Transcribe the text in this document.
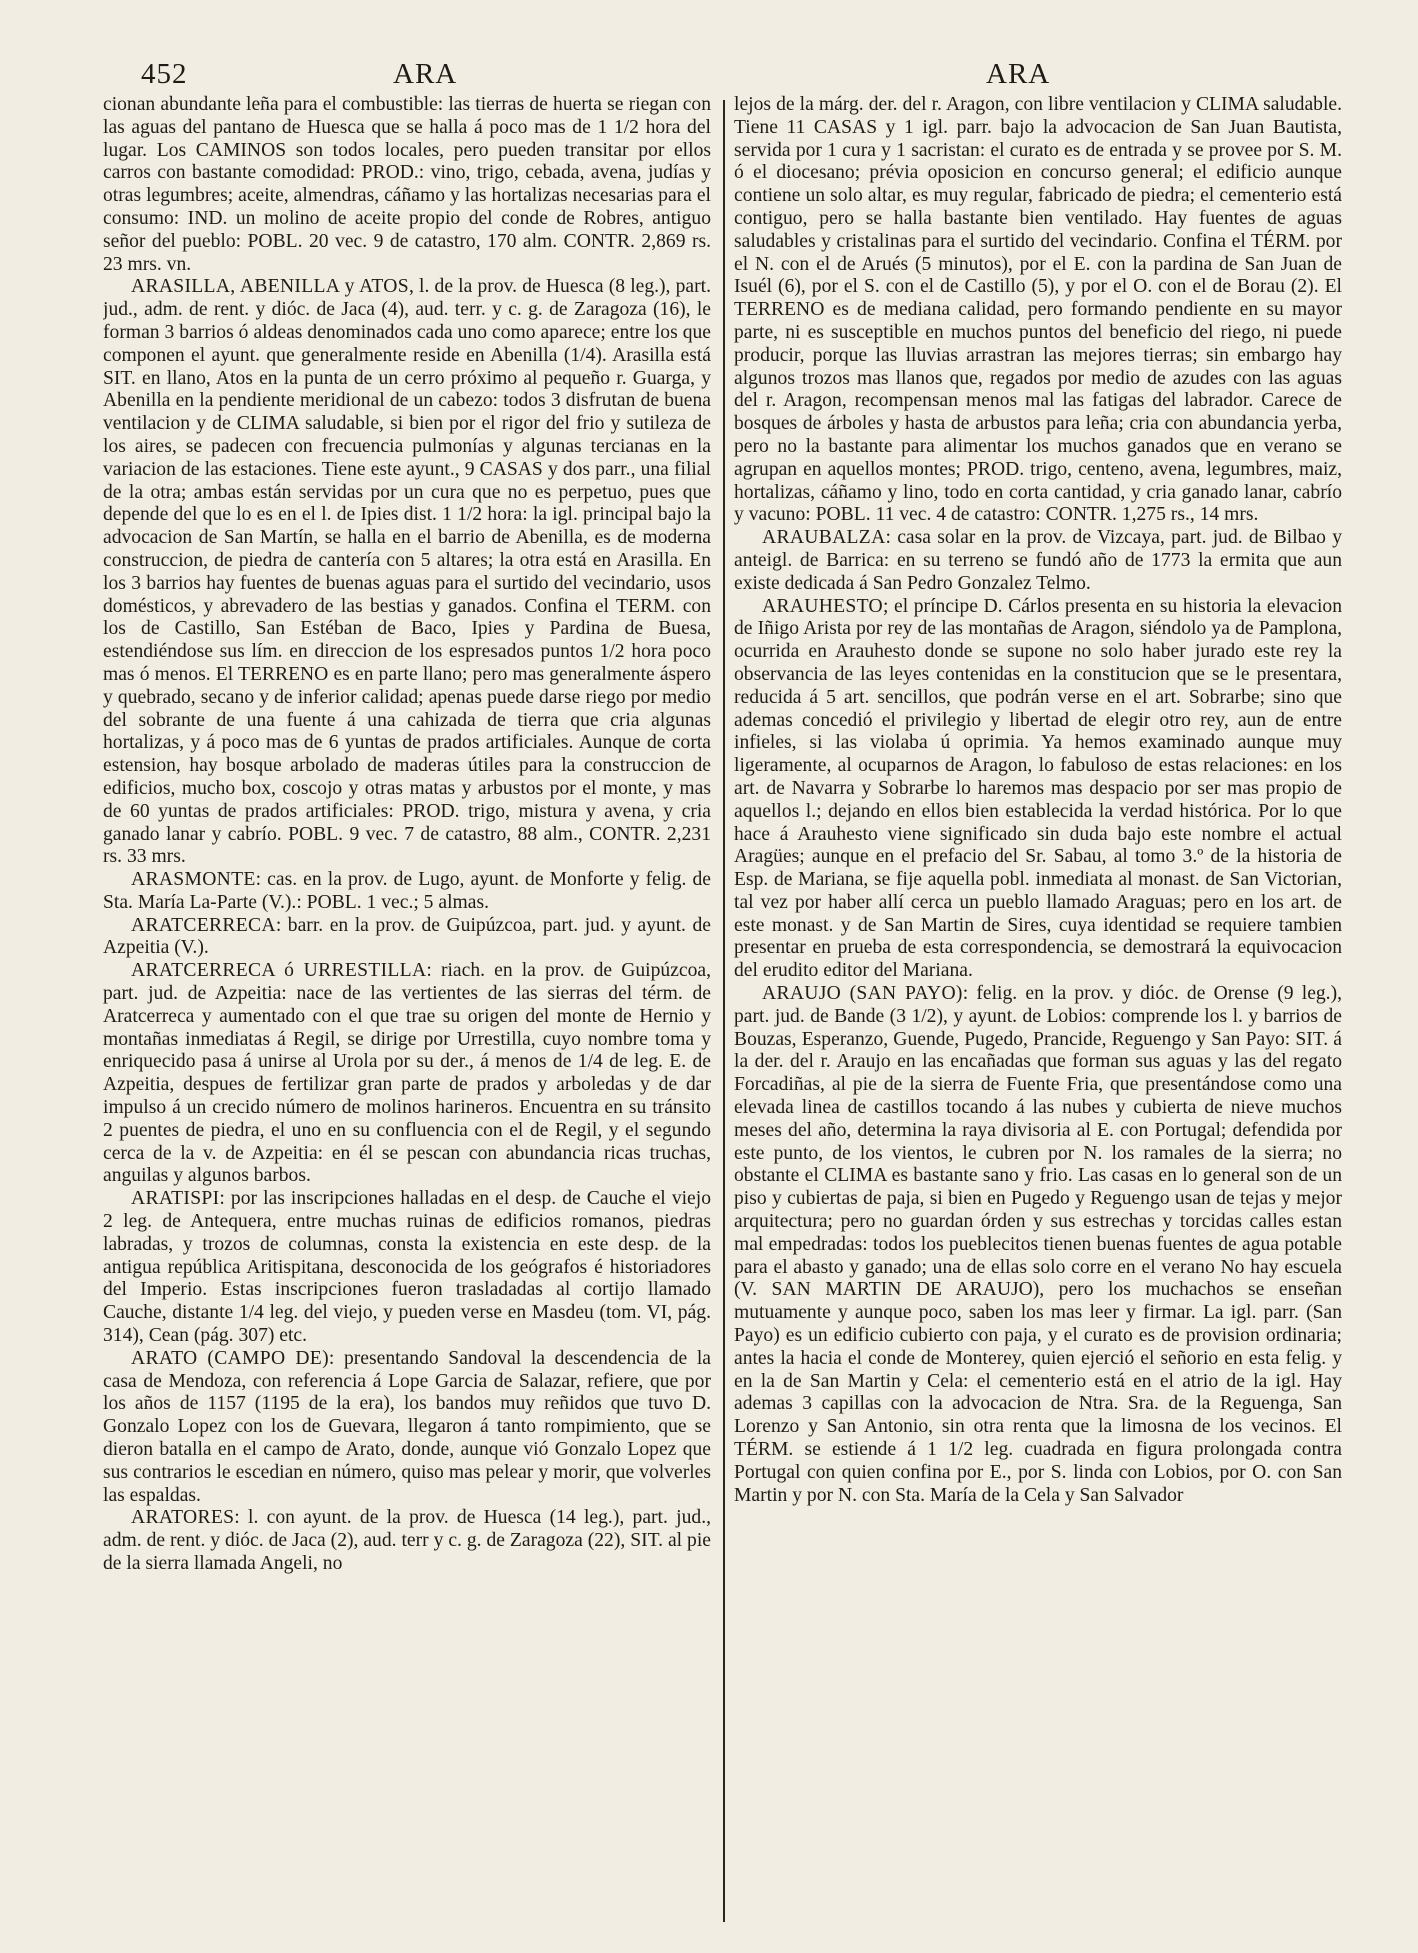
452	ARA	ARA

cionan abundante leña para el combustible: las tierras de huerta se riegan con las aguas del pantano de Huesca que se halla á poco mas de 1 1/2 hora del lugar. Los CAMINOS son todos locales, pero pueden transitar por ellos carros con bastante comodidad: PROD.: vino, trigo, cebada, avena, judías y otras legumbres; aceite, almendras, cáñamo y las hortalizas necesarias para el consumo: IND. un molino de aceite propio del conde de Robres, antiguo señor del pueblo: POBL. 20 vec. 9 de catastro, 170 alm. CONTR. 2,869 rs. 23 mrs. vn.

ARASILLA, ABENILLA y ATOS, l. de la prov. de Huesca (8 leg.), part. jud., adm. de rent. y dióc. de Jaca (4), aud. terr. y c. g. de Zaragoza (16), le forman 3 barrios ó aldeas denominados cada uno como aparece; entre los que componen el ayunt. que generalmente reside en Abenilla (1/4). Arasilla está SIT. en llano, Atos en la punta de un cerro próximo al pequeño r. Guarga, y Abenilla en la pendiente meridional de un cabezo: todos 3 disfrutan de buena ventilacion y de CLIMA saludable, si bien por el rigor del frio y sutileza de los aires, se padecen con frecuencia pulmonías y algunas tercianas en la variacion de las estaciones. Tiene este ayunt., 9 CASAS y dos parr., una filial de la otra; ambas están servidas por un cura que no es perpetuo, pues que depende del que lo es en el l. de Ipies dist. 1 1/2 hora: la igl. principal bajo la advocacion de San Martín, se halla en el barrio de Abenilla, es de moderna construccion, de piedra de cantería con 5 altares; la otra está en Arasilla. En los 3 barrios hay fuentes de buenas aguas para el surtido del vecindario, usos domésticos, y abrevadero de las bestias y ganados. Confina el TERM. con los de Castillo, San Estéban de Baco, Ipies y Pardina de Buesa, estendiéndose sus lím. en direccion de los espresados puntos 1/2 hora poco mas ó menos. El TERRENO es en parte llano; pero mas generalmente áspero y quebrado, secano y de inferior calidad; apenas puede darse riego por medio del sobrante de una fuente á una cahizada de tierra que cria algunas hortalizas, y á poco mas de 6 yuntas de prados artificiales. Aunque de corta estension, hay bosque arbolado de maderas útiles para la construccion de edificios, mucho box, coscojo y otras matas y arbustos por el monte, y mas de 60 yuntas de prados artificiales: PROD. trigo, mistura y avena, y cria ganado lanar y cabrío. POBL. 9 vec. 7 de catastro, 88 alm., CONTR. 2,231 rs. 33 mrs.

ARASMONTE: cas. en la prov. de Lugo, ayunt. de Monforte y felig. de Sta. María La-Parte (V.).: POBL. 1 vec.; 5 almas.

ARATCERRECA: barr. en la prov. de Guipúzcoa, part. jud. y ayunt. de Azpeitia (V.).

ARATCERRECA ó URRESTILLA: riach. en la prov. de Guipúzcoa, part. jud. de Azpeitia: nace de las vertientes de las sierras del térm. de Aratcerreca y aumentado con el que trae su origen del monte de Hernio y montañas inmediatas á Regil, se dirige por Urrestilla, cuyo nombre toma y enriquecido pasa á unirse al Urola por su der., á menos de 1/4 de leg. E. de Azpeitia, despues de fertilizar gran parte de prados y arboledas y de dar impulso á un crecido número de molinos harineros. Encuentra en su tránsito 2 puentes de piedra, el uno en su confluencia con el de Regil, y el segundo cerca de la v. de Azpeitia: en él se pescan con abundancia ricas truchas, anguilas y algunos barbos.

ARATISPI: por las inscripciones halladas en el desp. de Cauche el viejo 2 leg. de Antequera, entre muchas ruinas de edificios romanos, piedras labradas, y trozos de columnas, consta la existencia en este desp. de la antigua república Aritispitana, desconocida de los geógrafos é historiadores del Imperio. Estas inscripciones fueron trasladadas al cortijo llamado Cauche, distante 1/4 leg. del viejo, y pueden verse en Masdeu (tom. VI, pág. 314), Cean (pág. 307) etc.

ARATO (CAMPO DE): presentando Sandoval la descendencia de la casa de Mendoza, con referencia á Lope Garcia de Salazar, refiere, que por los años de 1157 (1195 de la era), los bandos muy reñidos que tuvo D. Gonzalo Lopez con los de Guevara, llegaron á tanto rompimiento, que se dieron batalla en el campo de Arato, donde, aunque vió Gonzalo Lopez que sus contrarios le escedian en número, quiso mas pelear y morir, que volverles las espaldas.

ARATORES: l. con ayunt. de la prov. de Huesca (14 leg.), part. jud., adm. de rent. y dióc. de Jaca (2), aud. terr y c. g. de Zaragoza (22), SIT. al pie de la sierra llamada Angeli, no

lejos de la márg. der. del r. Aragon, con libre ventilacion y CLIMA saludable. Tiene 11 CASAS y 1 igl. parr. bajo la advocacion de San Juan Bautista, servida por 1 cura y 1 sacristan: el curato es de entrada y se provee por S. M. ó el diocesano; prévia oposicion en concurso general; el edificio aunque contiene un solo altar, es muy regular, fabricado de piedra; el cementerio está contiguo, pero se halla bastante bien ventilado. Hay fuentes de aguas saludables y cristalinas para el surtido del vecindario. Confina el TÉRM. por el N. con el de Arués (5 minutos), por el E. con la pardina de San Juan de Isuél (6), por el S. con el de Castillo (5), y por el O. con el de Borau (2). El TERRENO es de mediana calidad, pero formando pendiente en su mayor parte, ni es susceptible en muchos puntos del beneficio del riego, ni puede producir, porque las lluvias arrastran las mejores tierras; sin embargo hay algunos trozos mas llanos que, regados por medio de azudes con las aguas del r. Aragon, recompensan menos mal las fatigas del labrador. Carece de bosques de árboles y hasta de arbustos para leña; cria con abundancia yerba, pero no la bastante para alimentar los muchos ganados que en verano se agrupan en aquellos montes; PROD. trigo, centeno, avena, legumbres, maiz, hortalizas, cáñamo y lino, todo en corta cantidad, y cria ganado lanar, cabrío y vacuno: POBL. 11 vec. 4 de catastro: CONTR. 1,275 rs., 14 mrs.

ARAUBALZA: casa solar en la prov. de Vizcaya, part. jud. de Bilbao y anteigl. de Barrica: en su terreno se fundó año de 1773 la ermita que aun existe dedicada á San Pedro Gonzalez Telmo.

ARAUHESTO; el príncipe D. Cárlos presenta en su historia la elevacion de Iñigo Arista por rey de las montañas de Aragon, siéndolo ya de Pamplona, ocurrida en Arauhesto donde se supone no solo haber jurado este rey la observancia de las leyes contenidas en la constitucion que se le presentara, reducida á 5 art. sencillos, que podrán verse en el art. Sobrarbe; sino que ademas concedió el privilegio y libertad de elegir otro rey, aun de entre infieles, si las violaba ú oprimia. Ya hemos examinado aunque muy ligeramente, al ocuparnos de Aragon, lo fabuloso de estas relaciones: en los art. de Navarra y Sobrarbe lo haremos mas despacio por ser mas propio de aquellos l.; dejando en ellos bien establecida la verdad histórica. Por lo que hace á Arauhesto viene significado sin duda bajo este nombre el actual Aragües; aunque en el prefacio del Sr. Sabau, al tomo 3.º de la historia de Esp. de Mariana, se fije aquella pobl. inmediata al monast. de San Victorian, tal vez por haber allí cerca un pueblo llamado Araguas; pero en los art. de este monast. y de San Martin de Sires, cuya identidad se requiere tambien presentar en prueba de esta correspondencia, se demostrará la equivocacion del erudito editor del Mariana.

ARAUJO (SAN PAYO): felig. en la prov. y dióc. de Orense (9 leg.), part. jud. de Bande (3 1/2), y ayunt. de Lobios: comprende los l. y barrios de Bouzas, Esperanzo, Guende, Pugedo, Prancide, Reguengo y San Payo: SIT. á la der. del r. Araujo en las encañadas que forman sus aguas y las del regato Forcadiñas, al pie de la sierra de Fuente Fria, que presentándose como una elevada linea de castillos tocando á las nubes y cubierta de nieve muchos meses del año, determina la raya divisoria al E. con Portugal; defendida por este punto, de los vientos, le cubren por N. los ramales de la sierra; no obstante el CLIMA es bastante sano y frio. Las casas en lo general son de un piso y cubiertas de paja, si bien en Pugedo y Reguengo usan de tejas y mejor arquitectura; pero no guardan órden y sus estrechas y torcidas calles estan mal empedradas: todos los pueblecitos tienen buenas fuentes de agua potable para el abasto y ganado; una de ellas solo corre en el verano No hay escuela (V. SAN MARTIN DE ARAUJO), pero los muchachos se enseñan mutuamente y aunque poco, saben los mas leer y firmar. La igl. parr. (San Payo) es un edificio cubierto con paja, y el curato es de provision ordinaria; antes la hacia el conde de Monterey, quien ejerció el señorio en esta felig. y en la de San Martin y Cela: el cementerio está en el atrio de la igl. Hay ademas 3 capillas con la advocacion de Ntra. Sra. de la Reguenga, San Lorenzo y San Antonio, sin otra renta que la limosna de los vecinos. El TÉRM. se estiende á 1 1/2 leg. cuadrada en figura prolongada contra Portugal con quien confina por E., por S. linda con Lobios, por O. con San Martin y por N. con Sta. María de la Cela y San Salvador
